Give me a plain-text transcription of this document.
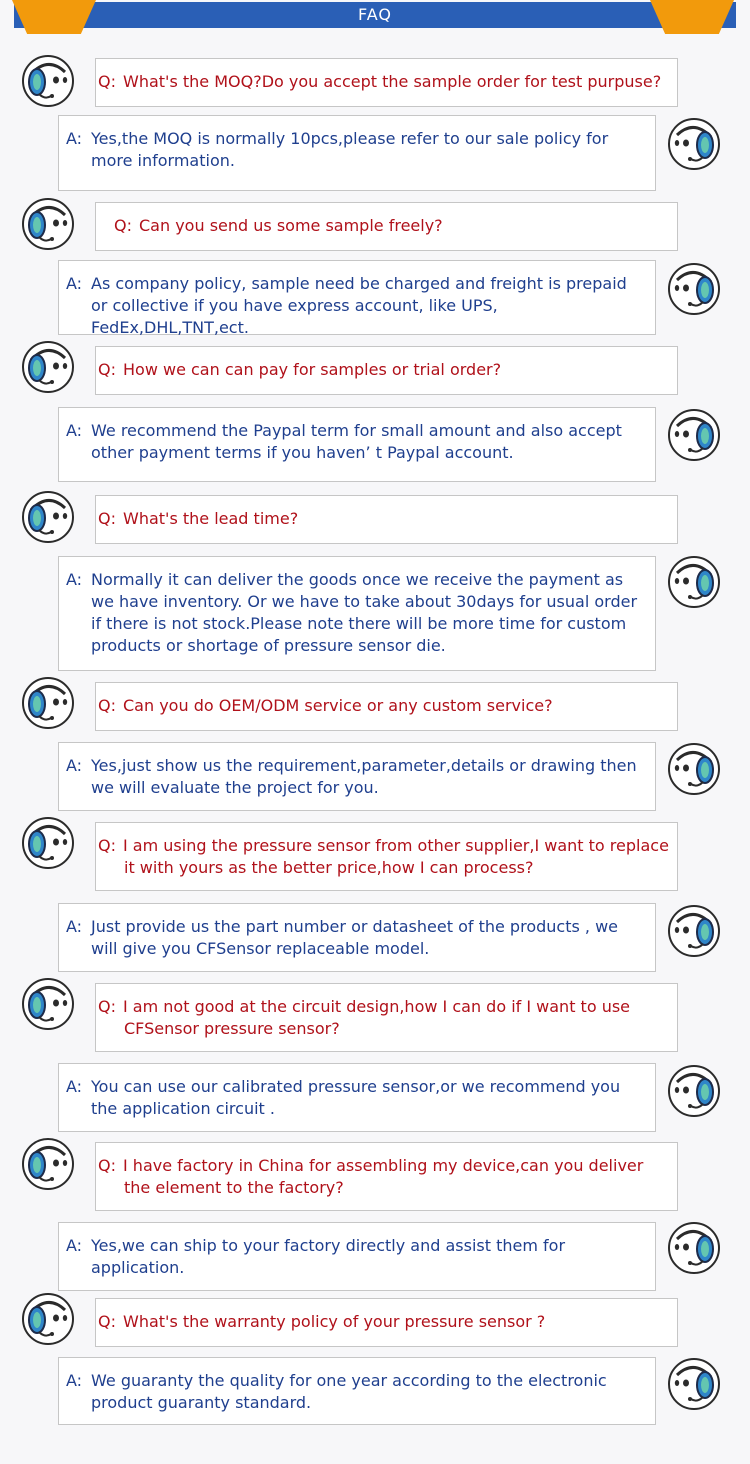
FAQ
Q: What's the MOQ?Do you accept the sample order for test purpuse?
A: Yes,the MOQ is normally 10pcs,please refer to our sale policy for more information.
Q: Can you send us some sample freely?
A: As company policy, sample need be charged and freight is prepaid or collective if you have express account, like UPS, FedEx,DHL,TNT,ect.
Q: How we can can pay for samples or trial order?
A: We recommend the Paypal term for small amount and also accept other payment terms if you haven’ t Paypal account.
Q: What's the lead time?
A: Normally it can deliver the goods once we receive the payment as we have inventory. Or we have to take about 30days for usual order if there is not stock.Please note there will be more time for custom products or shortage of pressure sensor die.
Q: Can you do OEM/ODM service or any custom service?
A: Yes,just show us the requirement,parameter,details or drawing then we will evaluate the project for you.
Q: I am using the pressure sensor from other supplier,I want to replace it with yours as the better price,how I can process?
A: Just provide us the part number or datasheet of the products , we will give you CFSensor replaceable model.
Q: I am not good at the circuit design,how I can do if I want to use CFSensor pressure sensor?
A: You can use our calibrated pressure sensor,or we recommend you the application circuit .
Q: I have factory in China for assembling my device,can you deliver the element to the factory?
A: Yes,we can ship to your factory directly and assist them for application.
Q: What's the warranty policy of your pressure sensor ?
A: We guaranty the quality for one year according to the electronic product guaranty standard.
